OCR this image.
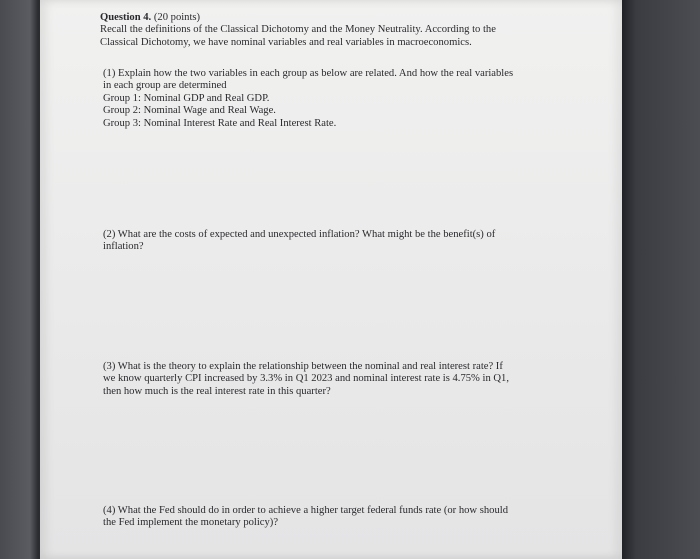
Question 4. (20 points)
Recall the definitions of the Classical Dichotomy and the Money Neutrality. According to the
Classical Dichotomy, we have nominal variables and real variables in macroeconomics.
(1) Explain how the two variables in each group as below are related. And how the real variables
in each group are determined
Group 1: Nominal GDP and Real GDP.
Group 2: Nominal Wage and Real Wage.
Group 3: Nominal Interest Rate and Real Interest Rate.
(2) What are the costs of expected and unexpected inflation? What might be the benefit(s) of
inflation?
(3) What is the theory to explain the relationship between the nominal and real interest rate? If
we know quarterly CPI increased by 3.3% in Q1 2023 and nominal interest rate is 4.75% in Q1,
then how much is the real interest rate in this quarter?
(4) What the Fed should do in order to achieve a higher target federal funds rate (or how should
the Fed implement the monetary policy)?
